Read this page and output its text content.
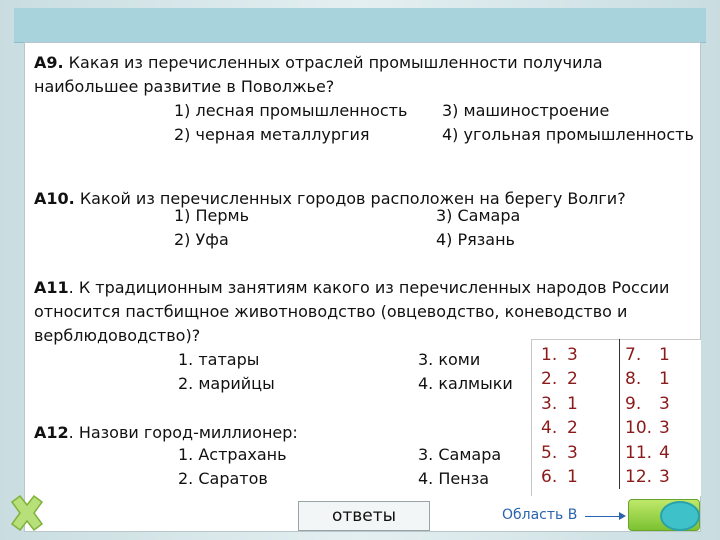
А9. Какая из перечисленных отраслей промышленности получила
наибольшее развитие в Поволжье?
1) лесная промышленность
2) черная металлургия
3) машиностроение
4) угольная промышленность
А10. Какой из перечисленных городов расположен на берегу Волги?
1) Пермь
2) Уфа
3) Самара
4) Рязань
А11. К традиционным занятиям какого из перечисленных народов России
относится пастбищное животноводство (овцеводство, коневодство и
верблюдоводство)?
1. татары
2. марийцы
3. коми
4. калмыки
А12. Назови город-миллионер:
1. Астрахань
2. Саратов
3. Самара
4. Пенза
1. 3
2. 2
3. 1
4. 2
5. 3
6. 1
7. 1
8. 1
9. 3
10. 3
11. 4
12. 3
ответы	Область В
